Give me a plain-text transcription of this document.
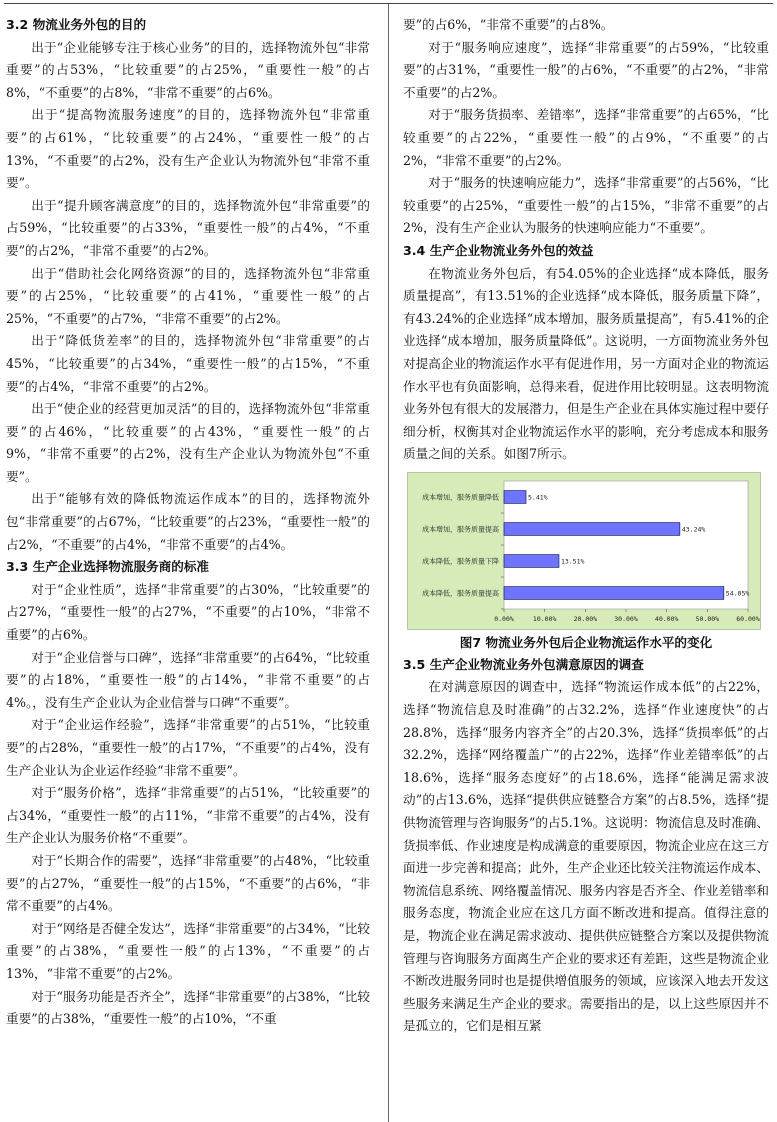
3.2 物流业务外包的目的

出于“企业能够专注于核心业务”的目的，选择物流外包“非常重要”的占53%，“比较重要”的占25%，“重要性一般”的占8%，“不重要”的占8%，“非常不重要”的占6%。

出于“提高物流服务速度”的目的，选择物流外包“非常重要”的占61%，“比较重要”的占24%，“重要性一般”的占13%，“不重要”的占2%，没有生产企业认为物流外包“非常不重要”。

出于“提升顾客满意度”的目的，选择物流外包“非常重要”的占59%，“比较重要”的占33%，“重要性一般”的占4%，“不重要”的占2%，“非常不重要”的占2%。

出于“借助社会化网络资源”的目的，选择物流外包“非常重要”的占25%，“比较重要”的占41%，“重要性一般”的占25%，“不重要”的占7%，“非常不重要”的占2%。

出于“降低货差率”的目的，选择物流外包“非常重要”的占45%，“比较重要”的占34%，“重要性一般”的占15%，“不重要”的占4%，“非常不重要”的占2%。

出于“使企业的经营更加灵活”的目的，选择物流外包“非常重要”的占46%，“比较重要”的占43%，“重要性一般”的占9%，“非常不重要”的占2%，没有生产企业认为物流外包“不重要”。

出于“能够有效的降低物流运作成本”的目的，选择物流外包“非常重要”的占67%，“比较重要”的占23%，“重要性一般”的占2%，“不重要”的占4%，“非常不重要”的占4%。

3.3 生产企业选择物流服务商的标准

对于“企业性质”，选择“非常重要”的占30%，“比较重要”的占27%，“重要性一般”的占27%，“不重要”的占10%，“非常不重要”的占6%。

对于“企业信誉与口碑”，选择“非常重要”的占64%，“比较重要”的占18%，“重要性一般”的占14%，“非常不重要”的占4%。，没有生产企业认为企业信誉与口碑“不重要”。

对于“企业运作经验”，选择“非常重要”的占51%，“比较重要”的占28%，“重要性一般”的占17%，“不重要”的占4%，没有生产企业认为企业运作经验“非常不重要”。

对于“服务价格”，选择“非常重要”的占51%，“比较重要”的占34%，“重要性一般”的占11%，“非常不重要”的占4%，没有生产企业认为服务价格“不重要”。

对于“长期合作的需要”，选择“非常重要”的占48%，“比较重要”的占27%，“重要性一般”的占15%，“不重要”的占6%，“非常不重要”的占4%。

对于“网络是否健全发达”，选择“非常重要”的占34%，“比较重要”的占38%，“重要性一般”的占13%，“不重要”的占13%，“非常不重要”的占2%。

对于“服务功能是否齐全”，选择“非常重要”的占38%，“比较重要”的占38%，“重要性一般”的占10%，“不重

要”的占6%，“非常不重要”的占8%。

对于“服务响应速度”，选择“非常重要”的占59%，“比较重要”的占31%，“重要性一般”的占6%，“不重要”的占2%，“非常不重要”的占2%。

对于“服务货损率、差错率”，选择“非常重要”的占65%，“比较重要”的占22%，“重要性一般”的占9%，“不重要”的占2%，“非常不重要”的占2%。

对于“服务的快速响应能力”，选择“非常重要”的占56%，“比较重要”的占25%，“重要性一般”的占15%，“非常不重要”的占2%，没有生产企业认为服务的快速响应能力“不重要”。

3.4 生产企业物流业务外包的效益

在物流业务外包后，有54.05%的企业选择“成本降低，服务质量提高”，有13.51%的企业选择“成本降低，服务质量下降”，有43.24%的企业选择“成本增加，服务质量提高”，有5.41%的企业选择“成本增加，服务质量降低”。这说明，一方面物流业务外包对提高企业的物流运作水平有促进作用，另一方面对企业的物流运作水平也有负面影响，总得来看，促进作用比较明显。这表明物流业务外包有很大的发展潜力，但是生产企业在具体实施过程中要仔细分析，权衡其对企业物流运作水平的影响，充分考虑成本和服务质量之间的关系。如图7所示。

0.00%	10.00%	20.00%	30.00%	40.00%	50.00%	60.00%
成本增加，服务质量降低	5.41%
成本增加，服务质量提高	43.24%
成本降低，服务质量下降	13.51%
成本降低，服务质量提高	54.05%
图7 物流业务外包后企业物流运作水平的变化
3.5 生产企业物流业务外包满意原因的调查

在对满意原因的调查中，选择“物流运作成本低”的占22%，选择“物流信息及时准确”的占32.2%，选择“作业速度快”的占28.8%，选择“服务内容齐全”的占20.3%，选择“货损率低”的占32.2%，选择“网络覆盖广”的占22%，选择“作业差错率低”的占18.6%，选择“服务态度好”的占18.6%，选择“能满足需求波动”的占13.6%，选择“提供供应链整合方案”的占8.5%，选择“提供物流管理与咨询服务”的占5.1%。这说明：物流信息及时准确、货损率低、作业速度是构成满意的重要原因，物流企业应在这三方面进一步完善和提高；此外，生产企业还比较关注物流运作成本、物流信息系统、网络覆盖情况、服务内容是否齐全、作业差错率和服务态度，物流企业应在这几方面不断改进和提高。值得注意的是，物流企业在满足需求波动、提供供应链整合方案以及提供物流管理与咨询服务方面离生产企业的要求还有差距，这些是物流企业不断改进服务同时也是提供增值服务的领域，应该深入地去开发这些服务来满足生产企业的要求。需要指出的是，以上这些原因并不是孤立的，它们是相互紧
